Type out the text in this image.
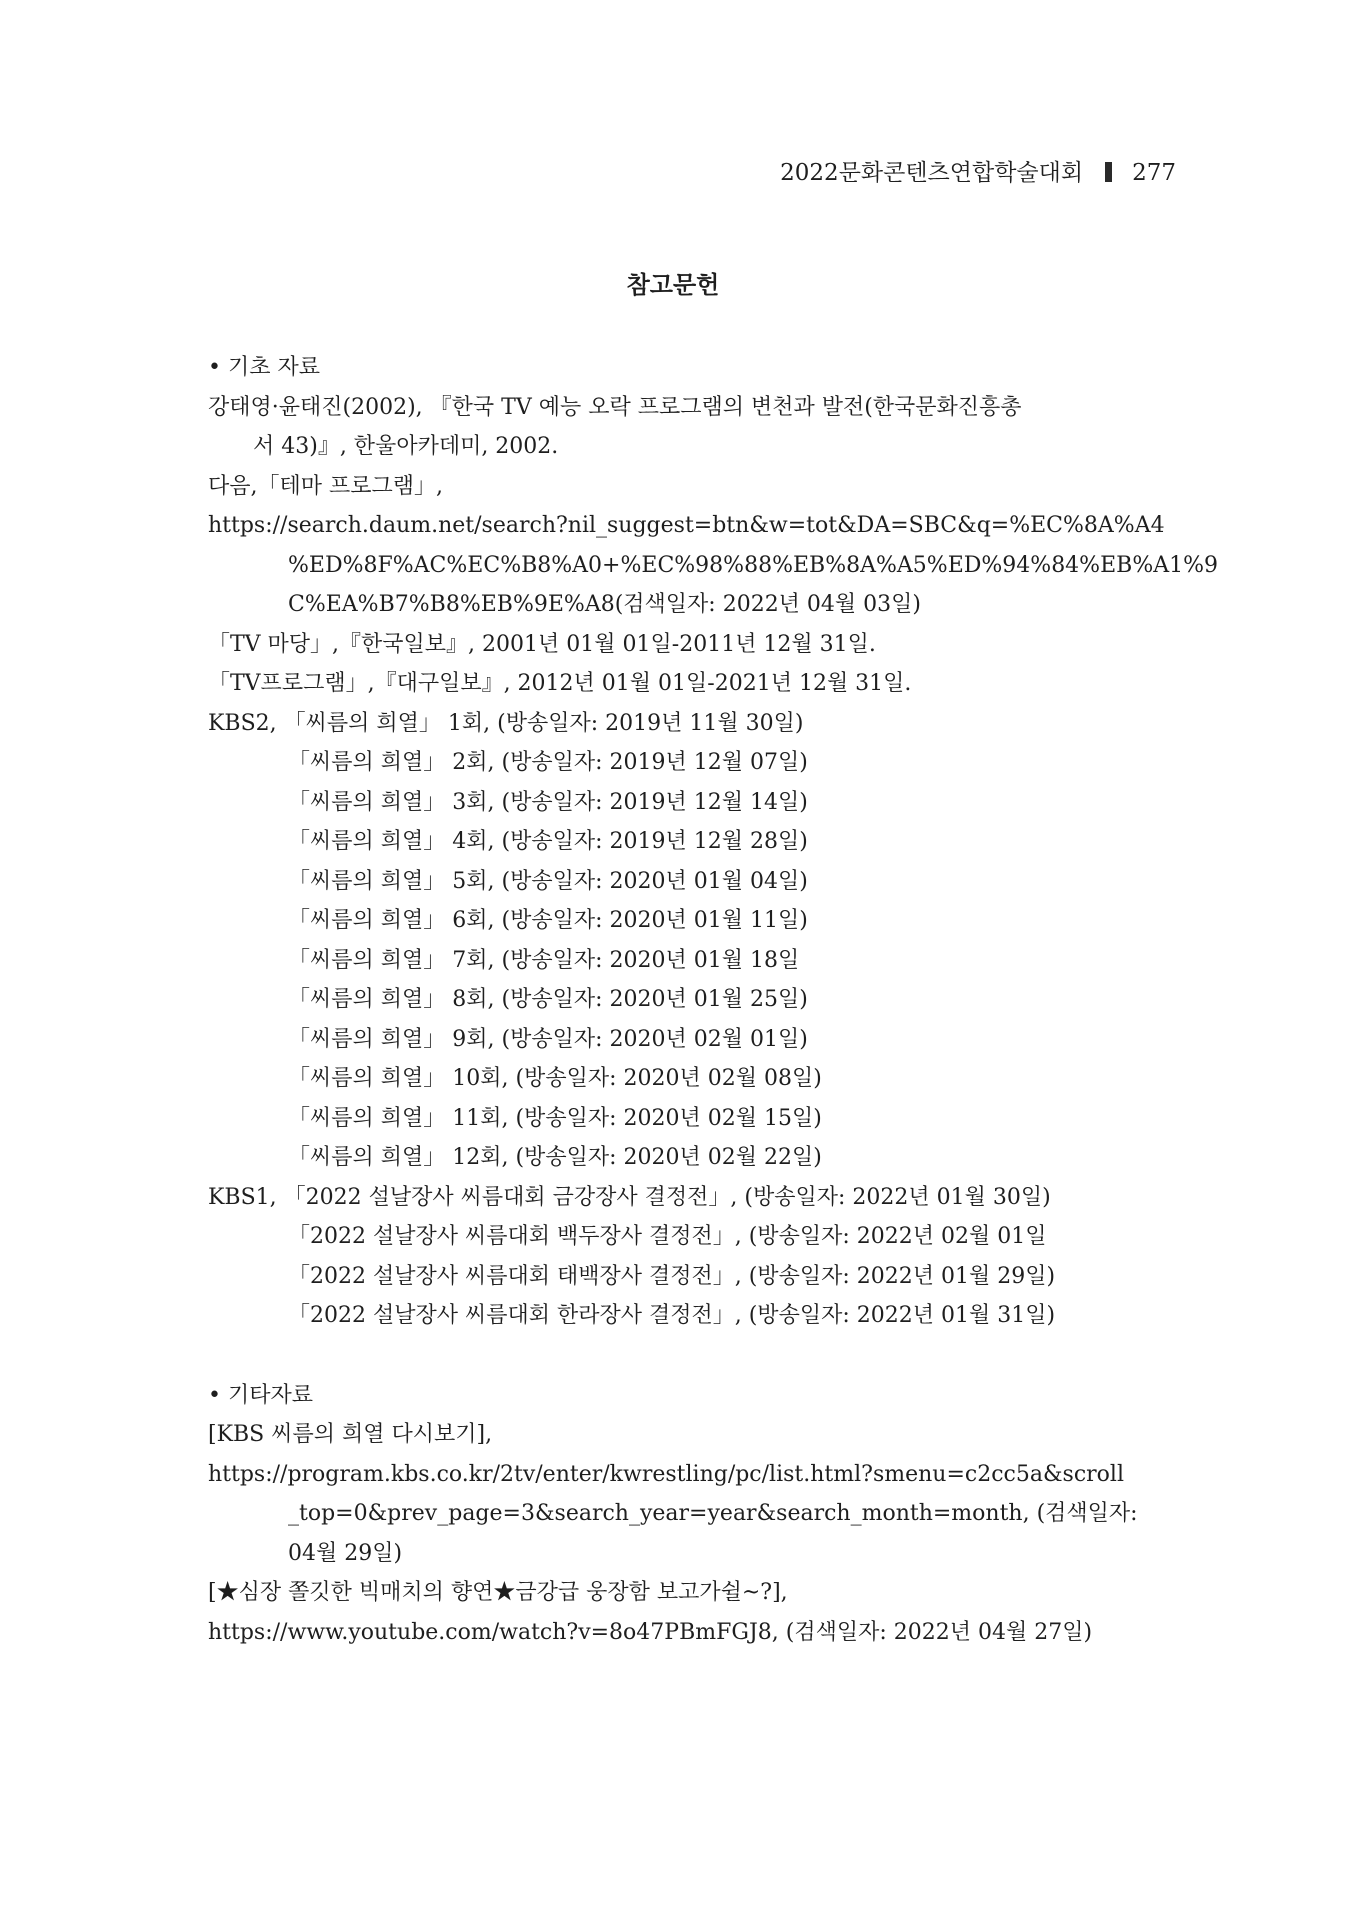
2022문화콘텐츠연합학술대회 277
참고문헌
• 기초 자료
강태영·윤태진(2002), 『한국 TV 예능 오락 프로그램의 변천과 발전(한국문화진흥총
서 43)』, 한울아카데미, 2002.
다음,「테마 프로그램」,
https://search.daum.net/search?nil_suggest=btn&w=tot&DA=SBC&q=%EC%8A%A4
%ED%8F%AC%EC%B8%A0+%EC%98%88%EB%8A%A5%ED%94%84%EB%A1%9
C%EA%B7%B8%EB%9E%A8(검색일자: 2022년 04월 03일)
「TV 마당」,『한국일보』, 2001년 01월 01일-2011년 12월 31일.
「TV프로그램」,『대구일보』, 2012년 01월 01일-2021년 12월 31일.
KBS2, 「씨름의 희열」 1회, (방송일자: 2019년 11월 30일)
「씨름의 희열」 2회, (방송일자: 2019년 12월 07일)
「씨름의 희열」 3회, (방송일자: 2019년 12월 14일)
「씨름의 희열」 4회, (방송일자: 2019년 12월 28일)
「씨름의 희열」 5회, (방송일자: 2020년 01월 04일)
「씨름의 희열」 6회, (방송일자: 2020년 01월 11일)
「씨름의 희열」 7회, (방송일자: 2020년 01월 18일
「씨름의 희열」 8회, (방송일자: 2020년 01월 25일)
「씨름의 희열」 9회, (방송일자: 2020년 02월 01일)
「씨름의 희열」 10회, (방송일자: 2020년 02월 08일)
「씨름의 희열」 11회, (방송일자: 2020년 02월 15일)
「씨름의 희열」 12회, (방송일자: 2020년 02월 22일)
KBS1, 「2022 설날장사 씨름대회 금강장사 결정전」, (방송일자: 2022년 01월 30일)
「2022 설날장사 씨름대회 백두장사 결정전」, (방송일자: 2022년 02월 01일
「2022 설날장사 씨름대회 태백장사 결정전」, (방송일자: 2022년 01월 29일)
「2022 설날장사 씨름대회 한라장사 결정전」, (방송일자: 2022년 01월 31일)
• 기타자료
[KBS 씨름의 희열 다시보기],
https://program.kbs.co.kr/2tv/enter/kwrestling/pc/list.html?smenu=c2cc5a&scroll
_top=0&prev_page=3&search_year=year&search_month=month, (검색일자:
04월 29일)
[★심장 쫄깃한 빅매치의 향연★금강급 웅장함 보고가쉴~?],
https://www.youtube.com/watch?v=8o47PBmFGJ8, (검색일자: 2022년 04월 27일)
